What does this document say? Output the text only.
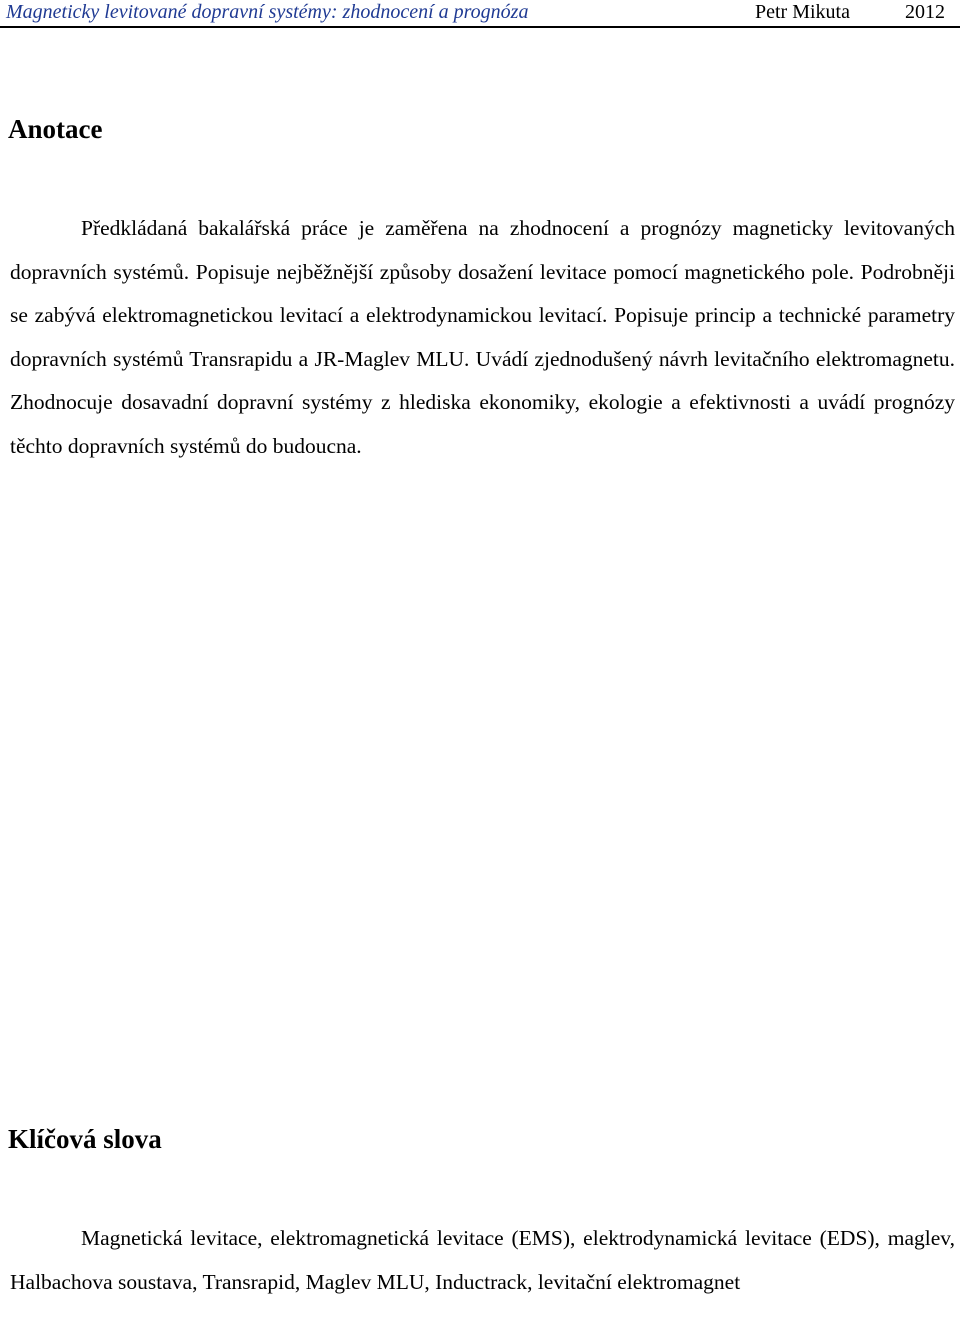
Magneticky levitované dopravní systémy: zhodnocení a prognóza	Petr Mikuta	2012
Anotace

Předkládaná bakalářská práce je zaměřena na zhodnocení a prognózy magneticky levitovaných dopravních systémů. Popisuje nejběžnější způsoby dosažení levitace pomocí magnetického pole. Podrobněji se zabývá elektromagnetickou levitací a elektrodynamickou levitací. Popisuje princip a technické parametry dopravních systémů Transrapidu a JR-Maglev MLU. Uvádí zjednodušený návrh levitačního elektromagnetu. Zhodnocuje dosavadní dopravní systémy z hlediska ekonomiky, ekologie a efektivnosti a uvádí prognózy těchto dopravních systémů do budoucna.

Klíčová slova

Magnetická levitace, elektromagnetická levitace (EMS), elektrodynamická levitace (EDS), maglev, Halbachova soustava, Transrapid, Maglev MLU, Inductrack, levitační elektromagnet
